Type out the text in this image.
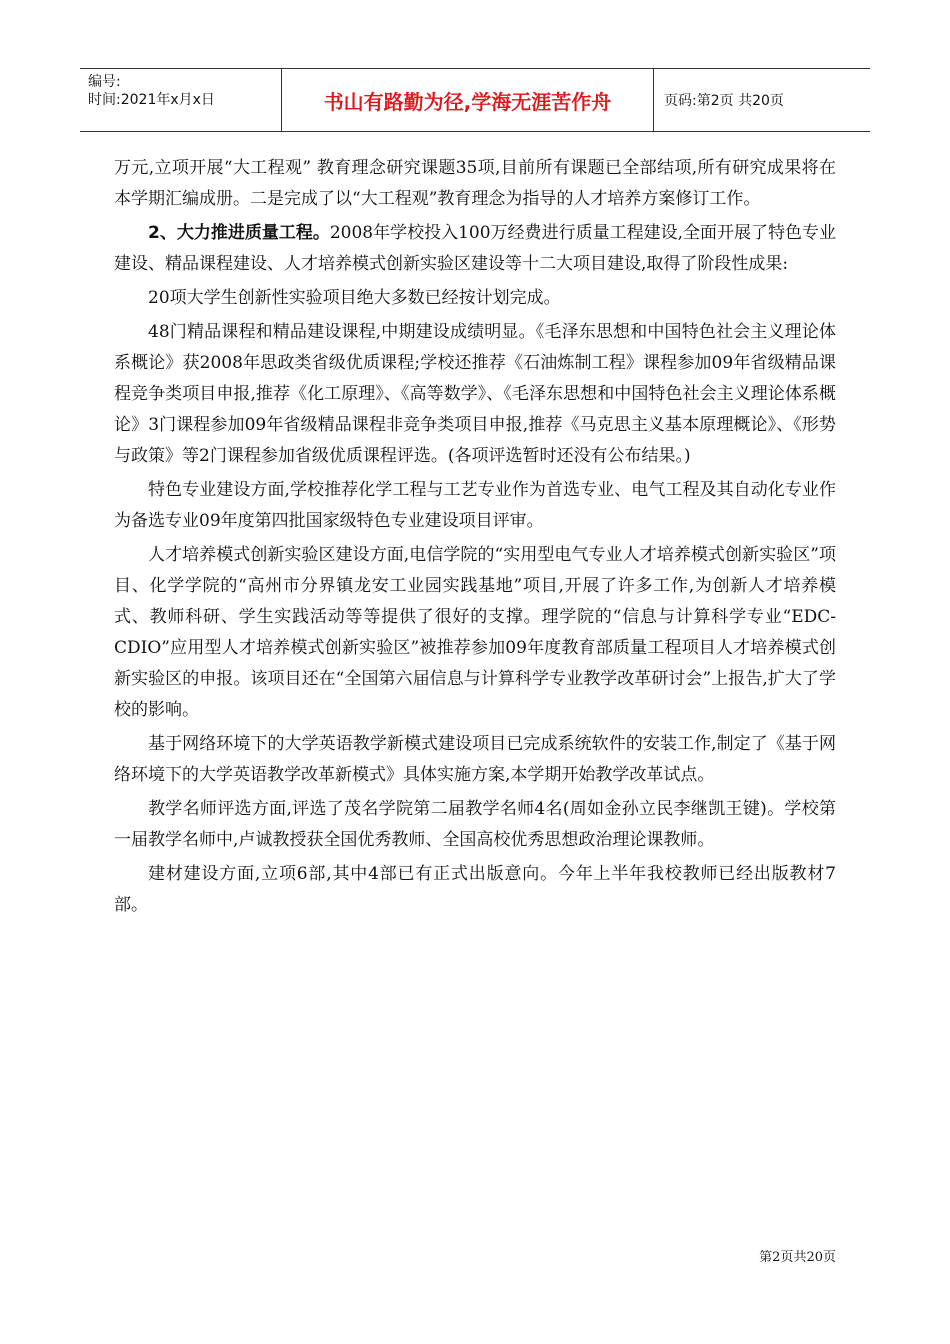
编号:
时间:2021年x月x日	书山有路勤为径,学海无涯苦作舟	页码:第2页 共20页

万元,立项开展“大工程观” 教育理念研究课题35项,目前所有课题已全部结项,所有研究成果将在本学期汇编成册。二是完成了以“大工程观”教育理念为指导的人才培养方案修订工作。

2、大力推进质量工程。2008年学校投入100万经费进行质量工程建设,全面开展了特色专业建设、精品课程建设、人才培养模式创新实验区建设等十二大项目建设,取得了阶段性成果:

20项大学生创新性实验项目绝大多数已经按计划完成。

48门精品课程和精品建设课程,中期建设成绩明显。《毛泽东思想和中国特色社会主义理论体系概论》获2008年思政类省级优质课程;学校还推荐《石油炼制工程》课程参加09年省级精品课程竞争类项目申报,推荐《化工原理》、《高等数学》、《毛泽东思想和中国特色社会主义理论体系概论》3门课程参加09年省级精品课程非竞争类项目申报,推荐《马克思主义基本原理概论》、《形势与政策》等2门课程参加省级优质课程评选。(各项评选暂时还没有公布结果。)

特色专业建设方面,学校推荐化学工程与工艺专业作为首选专业、电气工程及其自动化专业作为备选专业09年度第四批国家级特色专业建设项目评审。

人才培养模式创新实验区建设方面,电信学院的“实用型电气专业人才培养模式创新实验区”项目、化学学院的“高州市分界镇龙安工业园实践基地”项目,开展了许多工作,为创新人才培养模式、教师科研、学生实践活动等等提供了很好的支撑。理学院的“信息与计算科学专业“EDC-CDIO”应用型人才培养模式创新实验区”被推荐参加09年度教育部质量工程项目人才培养模式创新实验区的申报。该项目还在“全国第六届信息与计算科学专业教学改革研讨会”上报告,扩大了学校的影响。

基于网络环境下的大学英语教学新模式建设项目已完成系统软件的安装工作,制定了《基于网络环境下的大学英语教学改革新模式》具体实施方案,本学期开始教学改革试点。

教学名师评选方面,评选了茂名学院第二届教学名师4名(周如金孙立民李继凯王键)。学校第一届教学名师中,卢诚教授获全国优秀教师、全国高校优秀思想政治理论课教师。

建材建设方面,立项6部,其中4部已有正式出版意向。今年上半年我校教师已经出版教材7部。

第2页共20页
